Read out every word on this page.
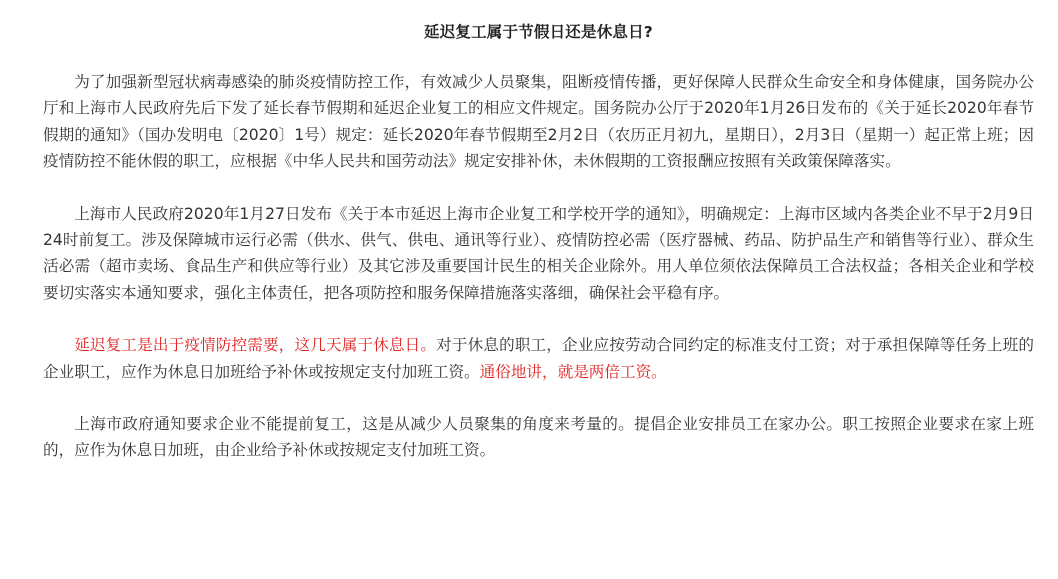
延迟复工属于节假日还是休息日?

为了加强新型冠状病毒感染的肺炎疫情防控工作，有效减少人员聚集，阻断疫情传播，更好保障人民群众生命安全和身体健康，国务院办公厅和上海市人民政府先后下发了延长春节假期和延迟企业复工的相应文件规定。国务院办公厅于2020年1月26日发布的《关于延长2020年春节假期的通知》（国办发明电〔2020〕1号）规定：延长2020年春节假期至2月2日（农历正月初九，星期日），2月3日（星期一）起正常上班；因疫情防控不能休假的职工，应根据《中华人民共和国劳动法》规定安排补休，未休假期的工资报酬应按照有关政策保障落实。

上海市人民政府2020年1月27日发布《关于本市延迟上海市企业复工和学校开学的通知》，明确规定：上海市区域内各类企业不早于2月9日24时前复工。涉及保障城市运行必需（供水、供气、供电、通讯等行业）、疫情防控必需（医疗器械、药品、防护品生产和销售等行业）、群众生活必需（超市卖场、食品生产和供应等行业）及其它涉及重要国计民生的相关企业除外。用人单位须依法保障员工合法权益；各相关企业和学校要切实落实本通知要求，强化主体责任，把各项防控和服务保障措施落实落细，确保社会平稳有序。

延迟复工是出于疫情防控需要，这几天属于休息日。对于休息的职工，企业应按劳动合同约定的标准支付工资；对于承担保障等任务上班的企业职工，应作为休息日加班给予补休或按规定支付加班工资。通俗地讲，就是两倍工资。

上海市政府通知要求企业不能提前复工，这是从减少人员聚集的角度来考量的。提倡企业安排员工在家办公。职工按照企业要求在家上班的，应作为休息日加班，由企业给予补休或按规定支付加班工资。
